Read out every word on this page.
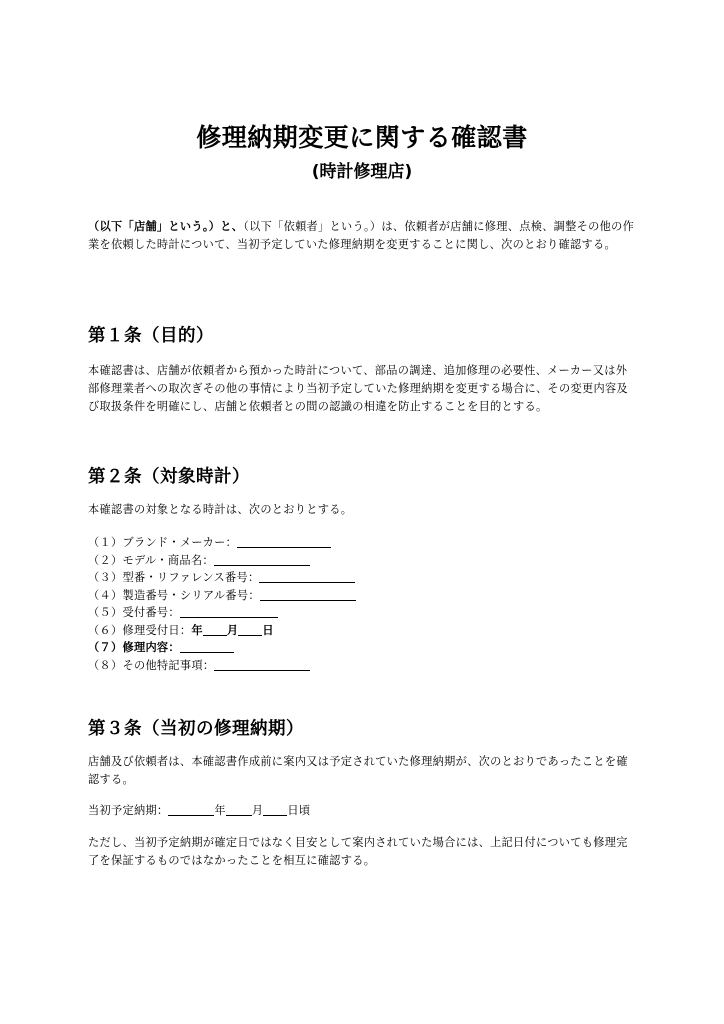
修理納期変更に関する確認書
(時計修理店)
（以下「店舗」という。）と、（以下「依頼者」という。）は、依頼者が店舗に修理、点検、調整その他の作業を依頼した時計について、当初予定していた修理納期を変更することに関し、次のとおり確認する。
第１条（目的）
本確認書は、店舗が依頼者から預かった時計について、部品の調達、追加修理の必要性、メーカー又は外部修理業者への取次ぎその他の事情により当初予定していた修理納期を変更する場合に、その変更内容及び取扱条件を明確にし、店舗と依頼者との間の認識の相違を防止することを目的とする。
第２条（対象時計）
本確認書の対象となる時計は、次のとおりとする。
（１）ブランド・メーカー：
（２）モデル・商品名：
（３）型番・リファレンス番号：
（４）製造番号・シリアル番号：
（５）受付番号：
（６）修理受付日：年 月 日
（７）修理内容：
（８）その他特記事項：
第３条（当初の修理納期）
店舗及び依頼者は、本確認書作成前に案内又は予定されていた修理納期が、次のとおりであったことを確認する。
当初予定納期：	年 月 日頃
ただし、当初予定納期が確定日ではなく目安として案内されていた場合には、上記日付についても修理完了を保証するものではなかったことを相互に確認する。
